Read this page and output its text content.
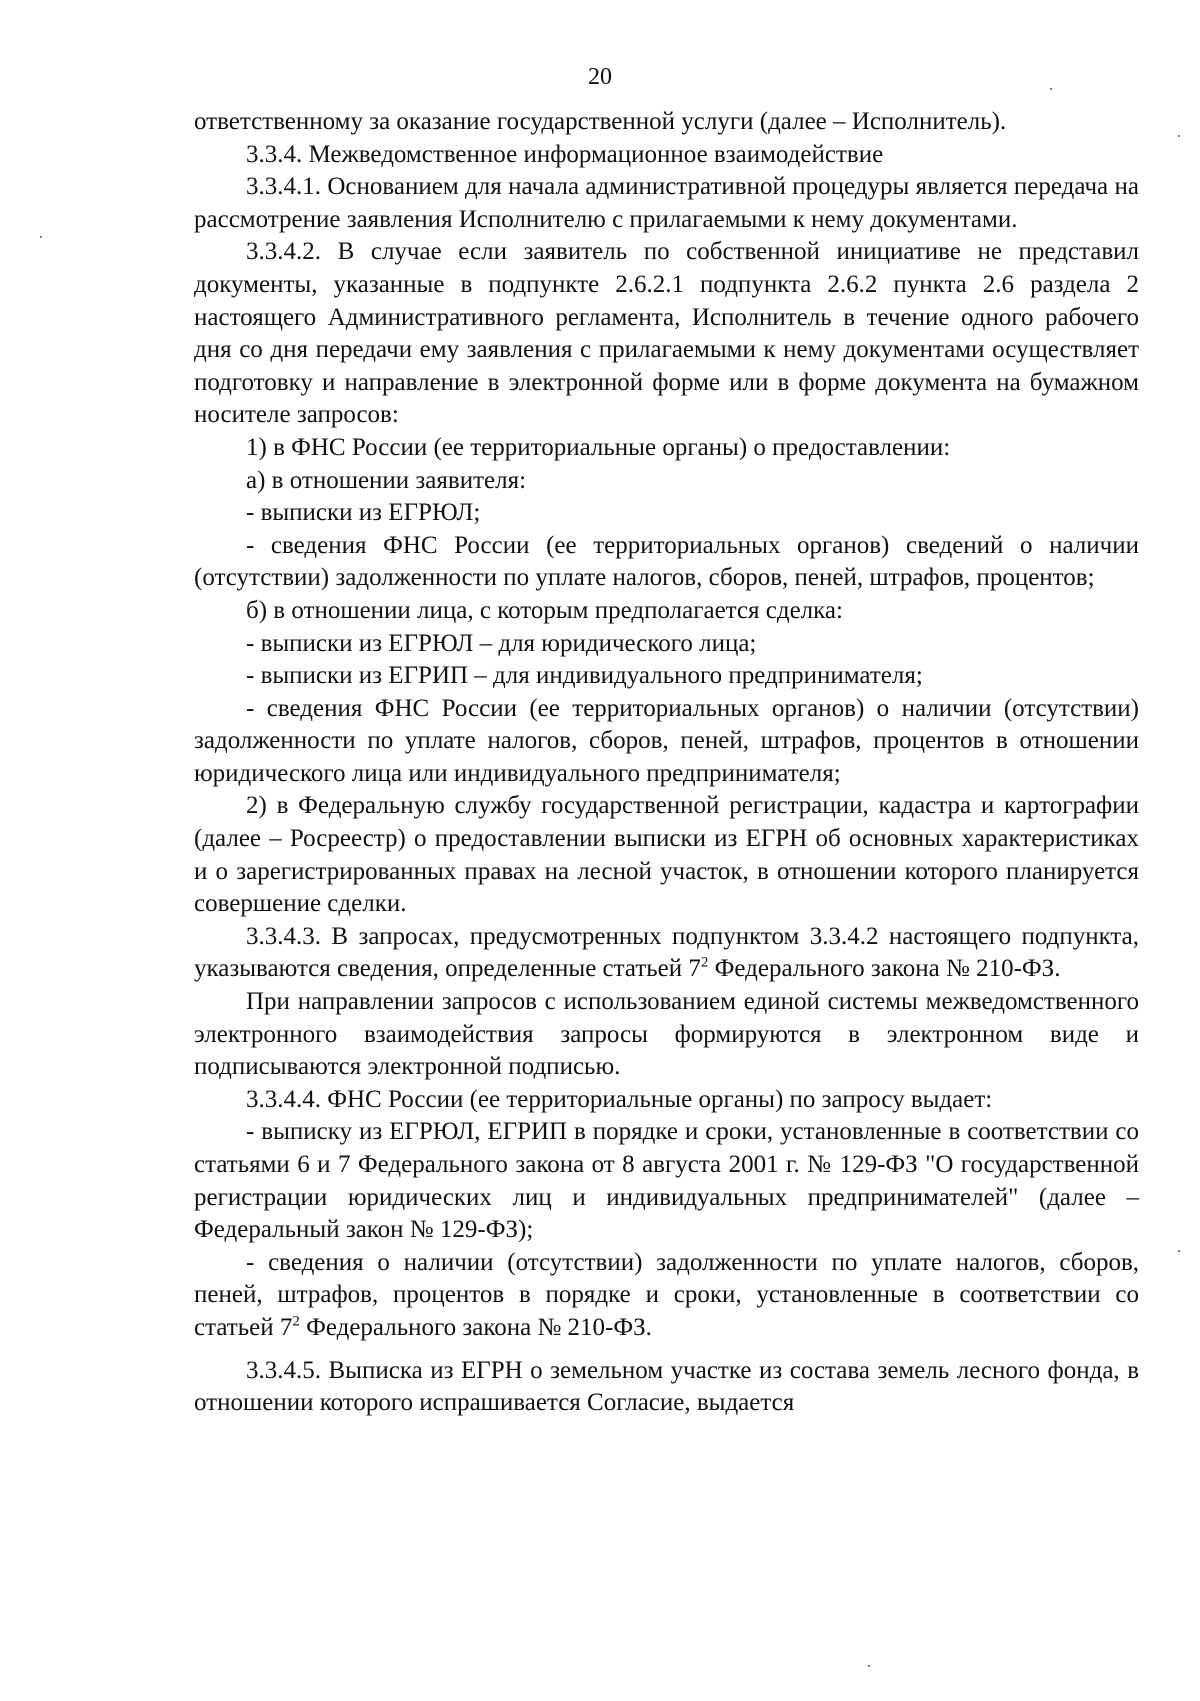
20

ответственному за оказание государственной услуги (далее – Исполнитель).

3.3.4. Межведомственное информационное взаимодействие

3.3.4.1. Основанием для начала административной процедуры является передача на рассмотрение заявления Исполнителю с прилагаемыми к нему документами.

3.3.4.2. В случае если заявитель по собственной инициативе не представил документы, указанные в подпункте 2.6.2.1 подпункта 2.6.2 пункта 2.6 раздела 2 настоящего Административного регламента, Исполнитель в течение одного рабочего дня со дня передачи ему заявления с прилагаемыми к нему документами осуществляет подготовку и направление в электронной форме или в форме документа на бумажном носителе запросов:

1) в ФНС России (ее территориальные органы) о предоставлении:

а) в отношении заявителя:

- выписки из ЕГРЮЛ;

- сведения ФНС России (ее территориальных органов) сведений о наличии (отсутствии) задолженности по уплате налогов, сборов, пеней, штрафов, процентов;

б) в отношении лица, с которым предполагается сделка:

- выписки из ЕГРЮЛ – для юридического лица;

- выписки из ЕГРИП – для индивидуального предпринимателя;

- сведения ФНС России (ее территориальных органов) о наличии (отсутствии) задолженности по уплате налогов, сборов, пеней, штрафов, процентов в отношении юридического лица или индивидуального предпринимателя;

2) в Федеральную службу государственной регистрации, кадастра и картографии (далее – Росреестр) о предоставлении выписки из ЕГРН об основных характеристиках и о зарегистрированных правах на лесной участок, в отношении которого планируется совершение сделки.

3.3.4.3. В запросах, предусмотренных подпунктом 3.3.4.2 настоящего подпункта, указываются сведения, определенные статьей $7^2$ Федерального закона № 210-ФЗ.

При направлении запросов с использованием единой системы межведомственного электронного взаимодействия запросы формируются в электронном виде и подписываются электронной подписью.

3.3.4.4. ФНС России (ее территориальные органы) по запросу выдает:

- выписку из ЕГРЮЛ, ЕГРИП в порядке и сроки, установленные в соответствии со статьями 6 и 7 Федерального закона от 8 августа 2001 г. № 129-ФЗ "О государственной регистрации юридических лиц и индивидуальных предпринимателей" (далее – Федеральный закон № 129-ФЗ);

- сведения о наличии (отсутствии) задолженности по уплате налогов, сборов, пеней, штрафов, процентов в порядке и сроки, установленные в соответствии со статьей $7^2$ Федерального закона № 210-ФЗ.

3.3.4.5. Выписка из ЕГРН о земельном участке из состава земель лесного фонда, в отношении которого испрашивается Согласие, выдается
